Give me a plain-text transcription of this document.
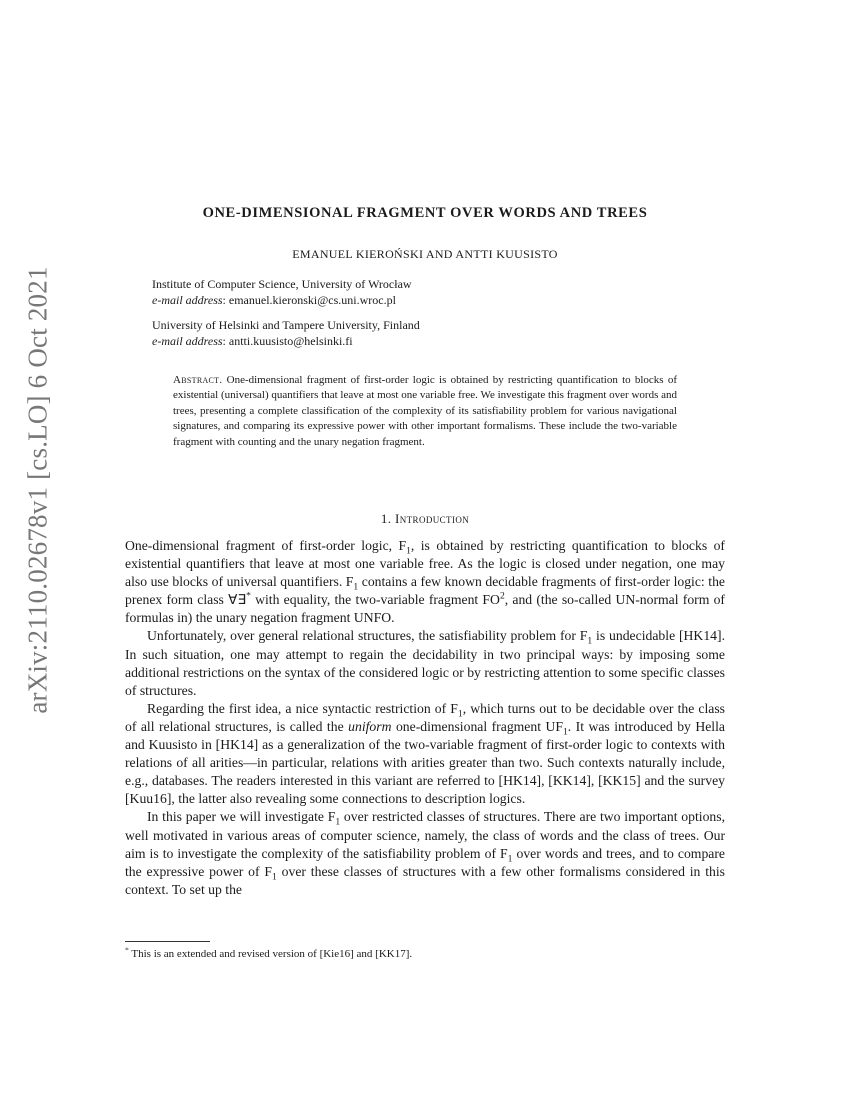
arXiv:2110.02678v1 [cs.LO] 6 Oct 2021
ONE-DIMENSIONAL FRAGMENT OVER WORDS AND TREES
EMANUEL KIEROŃSKI AND ANTTI KUUSISTO
Institute of Computer Science, University of Wrocław
e-mail address: emanuel.kieronski@cs.uni.wroc.pl
University of Helsinki and Tampere University, Finland
e-mail address: antti.kuusisto@helsinki.fi
Abstract. One-dimensional fragment of first-order logic is obtained by restricting quantification to blocks of existential (universal) quantifiers that leave at most one variable free. We investigate this fragment over words and trees, presenting a complete classification of the complexity of its satisfiability problem for various navigational signatures, and comparing its expressive power with other important formalisms. These include the two-variable fragment with counting and the unary negation fragment.
1. Introduction

One-dimensional fragment of first-order logic, $F_1$, is obtained by restricting quantification to blocks of existential quantifiers that leave at most one variable free. As the logic is closed under negation, one may also use blocks of universal quantifiers. $F_1$ contains a few known decidable fragments of first-order logic: the prenex form class ∀∃* with equality, the two-variable fragment $FO^2$, and (the so-called UN-normal form of formulas in) the unary negation fragment UNFO.

Unfortunately, over general relational structures, the satisfiability problem for $F_1$ is undecidable [HK14]. In such situation, one may attempt to regain the decidability in two principal ways: by imposing some additional restrictions on the syntax of the considered logic or by restricting attention to some specific classes of structures.

Regarding the first idea, a nice syntactic restriction of $F_1$, which turns out to be decidable over the class of all relational structures, is called the uniform one-dimensional fragment $UF_1$. It was introduced by Hella and Kuusisto in [HK14] as a generalization of the two-variable fragment of first-order logic to contexts with relations of all arities—in particular, relations with arities greater than two. Such contexts naturally include, e.g., databases. The readers interested in this variant are referred to [HK14], [KK14], [KK15] and the survey [Kuu16], the latter also revealing some connections to description logics.

In this paper we will investigate $F_1$ over restricted classes of structures. There are two important options, well motivated in various areas of computer science, namely, the class of words and the class of trees. Our aim is to investigate the complexity of the satisfiability problem of $F_1$ over words and trees, and to compare the expressive power of $F_1$ over these classes of structures with a few other formalisms considered in this context. To set up the

* This is an extended and revised version of [Kie16] and [KK17].
